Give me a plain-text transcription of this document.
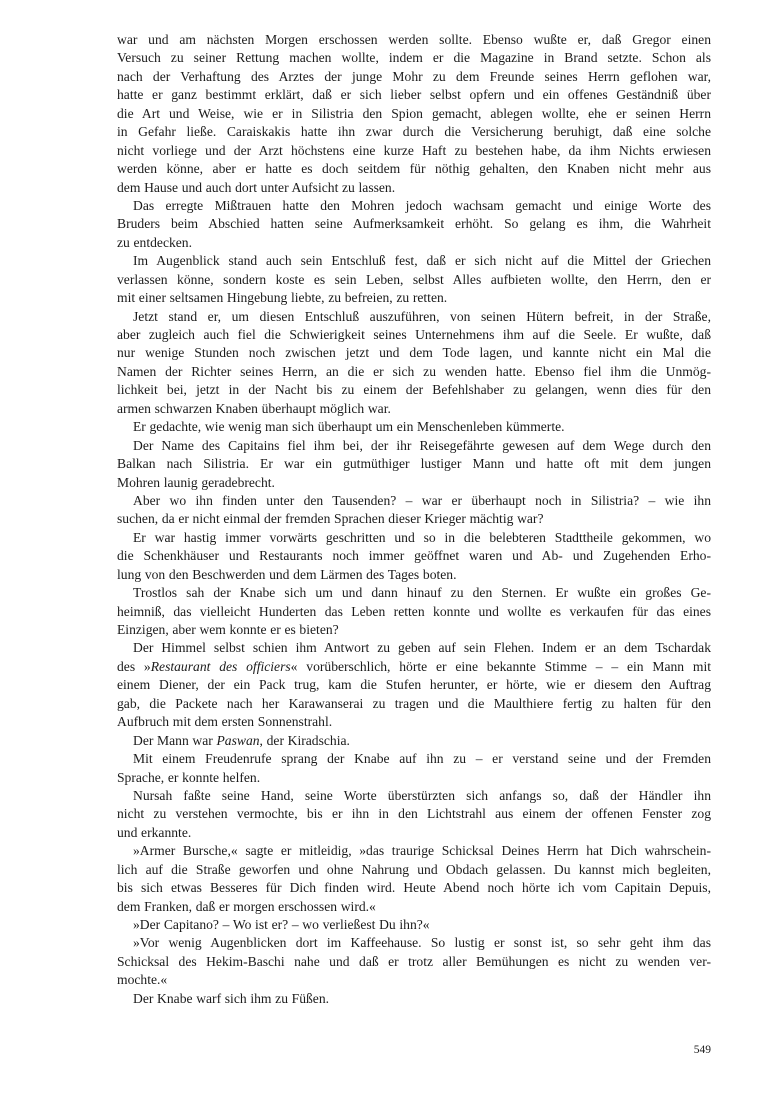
war und am nächsten Morgen erschossen werden sollte. Ebenso wußte er, daß Gregor einen
Versuch zu seiner Rettung machen wollte, indem er die Magazine in Brand setzte. Schon als
nach der Verhaftung des Arztes der junge Mohr zu dem Freunde seines Herrn geflohen war,
hatte er ganz bestimmt erklärt, daß er sich lieber selbst opfern und ein offenes Geständniß über
die Art und Weise, wie er in Silistria den Spion gemacht, ablegen wollte, ehe er seinen Herrn
in Gefahr ließe. Caraiskakis hatte ihn zwar durch die Versicherung beruhigt, daß eine solche
nicht vorliege und der Arzt höchstens eine kurze Haft zu bestehen habe, da ihm Nichts erwiesen
werden könne, aber er hatte es doch seitdem für nöthig gehalten, den Knaben nicht mehr aus
dem Hause und auch dort unter Aufsicht zu lassen.
Das erregte Mißtrauen hatte den Mohren jedoch wachsam gemacht und einige Worte des
Bruders beim Abschied hatten seine Aufmerksamkeit erhöht. So gelang es ihm, die Wahrheit
zu entdecken.
Im Augenblick stand auch sein Entschluß fest, daß er sich nicht auf die Mittel der Griechen
verlassen könne, sondern koste es sein Leben, selbst Alles aufbieten wollte, den Herrn, den er
mit einer seltsamen Hingebung liebte, zu befreien, zu retten.
Jetzt stand er, um diesen Entschluß auszuführen, von seinen Hütern befreit, in der Straße,
aber zugleich auch fiel die Schwierigkeit seines Unternehmens ihm auf die Seele. Er wußte, daß
nur wenige Stunden noch zwischen jetzt und dem Tode lagen, und kannte nicht ein Mal die
Namen der Richter seines Herrn, an die er sich zu wenden hatte. Ebenso fiel ihm die Unmög-
lichkeit bei, jetzt in der Nacht bis zu einem der Befehlshaber zu gelangen, wenn dies für den
armen schwarzen Knaben überhaupt möglich war.
Er gedachte, wie wenig man sich überhaupt um ein Menschenleben kümmerte.
Der Name des Capitains fiel ihm bei, der ihr Reisegefährte gewesen auf dem Wege durch den
Balkan nach Silistria. Er war ein gutmüthiger lustiger Mann und hatte oft mit dem jungen
Mohren launig geradebrecht.
Aber wo ihn finden unter den Tausenden? – war er überhaupt noch in Silistria? – wie ihn
suchen, da er nicht einmal der fremden Sprachen dieser Krieger mächtig war?
Er war hastig immer vorwärts geschritten und so in die belebteren Stadttheile gekommen, wo
die Schenkhäuser und Restaurants noch immer geöffnet waren und Ab- und Zugehenden Erho-
lung von den Beschwerden und dem Lärmen des Tages boten.
Trostlos sah der Knabe sich um und dann hinauf zu den Sternen. Er wußte ein großes Ge-
heimniß, das vielleicht Hunderten das Leben retten konnte und wollte es verkaufen für das eines
Einzigen, aber wem konnte er es bieten?
Der Himmel selbst schien ihm Antwort zu geben auf sein Flehen. Indem er an dem Tschardak
des »Restaurant des officiers« vorüberschlich, hörte er eine bekannte Stimme – – ein Mann mit
einem Diener, der ein Pack trug, kam die Stufen herunter, er hörte, wie er diesem den Auftrag
gab, die Packete nach her Karawanserai zu tragen und die Maulthiere fertig zu halten für den
Aufbruch mit dem ersten Sonnenstrahl.
Der Mann war Paswan, der Kiradschia.
Mit einem Freudenrufe sprang der Knabe auf ihn zu – er verstand seine und der Fremden
Sprache, er konnte helfen.
Nursah faßte seine Hand, seine Worte überstürzten sich anfangs so, daß der Händler ihn
nicht zu verstehen vermochte, bis er ihn in den Lichtstrahl aus einem der offenen Fenster zog
und erkannte.
»Armer Bursche,« sagte er mitleidig, »das traurige Schicksal Deines Herrn hat Dich wahrschein-
lich auf die Straße geworfen und ohne Nahrung und Obdach gelassen. Du kannst mich begleiten,
bis sich etwas Besseres für Dich finden wird. Heute Abend noch hörte ich vom Capitain Depuis,
dem Franken, daß er morgen erschossen wird.«
»Der Capitano? – Wo ist er? – wo verließest Du ihn?«
»Vor wenig Augenblicken dort im Kaffeehause. So lustig er sonst ist, so sehr geht ihm das
Schicksal des Hekim-Baschi nahe und daß er trotz aller Bemühungen es nicht zu wenden ver-
mochte.«
Der Knabe warf sich ihm zu Füßen.
549
